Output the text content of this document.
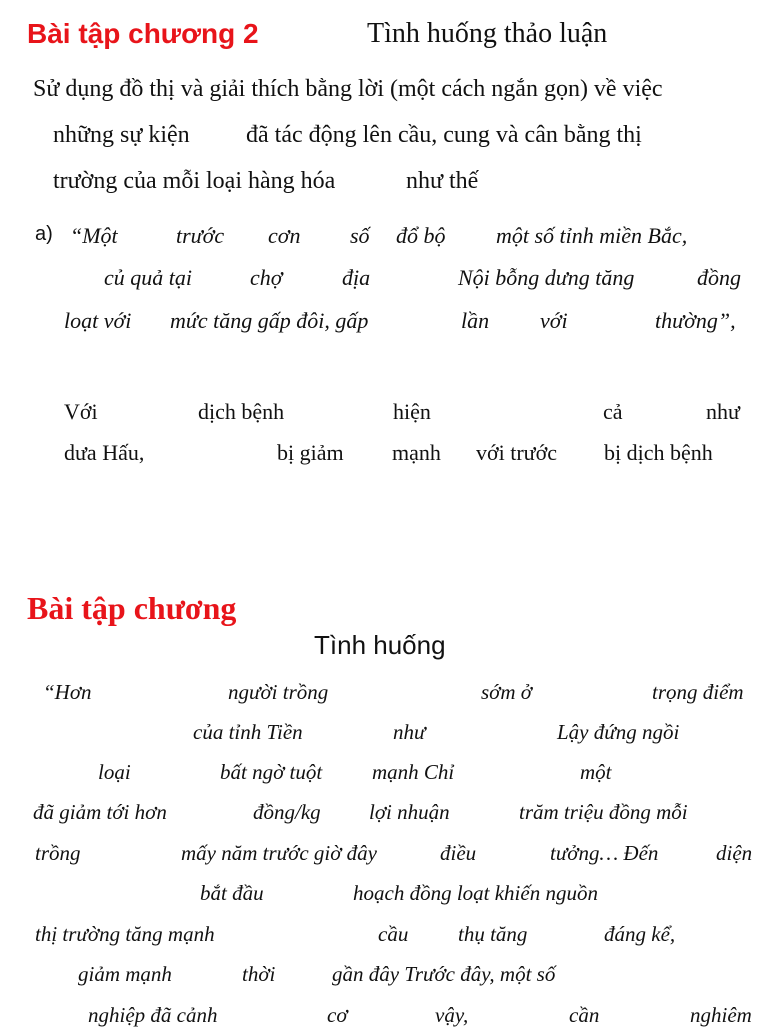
Bài tập chương 2	Tình huống thảo luận
Sử dụng đồ thị và giải thích bằng lời (một cách ngắn gọn) về việc
những sự kiện đã tác động lên cầu, cung và cân bằng thị
trường của mỗi loại hàng hóa	như thế
a) “Một	trước cơn số đổ bộ một số tỉnh miền Bắc,
củ quả tại	chợ	địa	Nội bỗng dưng tăng	đồng
loạt với mức tăng gấp đôi, gấp	lần với	thường”,
Với	dịch bệnh	hiện	cả	như
dưa Hấu,	bị giảm mạnh với trước bị dịch bệnh
Bài tập chương
Tình huống
“Hơn	người trồng	sớm ở	trọng điểm
của tỉnh Tiền	như	Lậy đứng ngồi
loại	bất ngờ tuột mạnh Chỉ	một
đã giảm tới hơn	đồng/kg lợi nhuận	trăm triệu đồng mỗi
trồng	mấy năm trước giờ đây	điều	tưởng… Đến	diện
bắt đầu	hoạch đồng loạt khiến nguồn
thị trường tăng mạnh	cầu thụ tăng	đáng kể,
giảm mạnh	thời	gần đây Trước đây, một số
nghiệp đã cảnh	cơ	vậy,	cần	nghiêm
